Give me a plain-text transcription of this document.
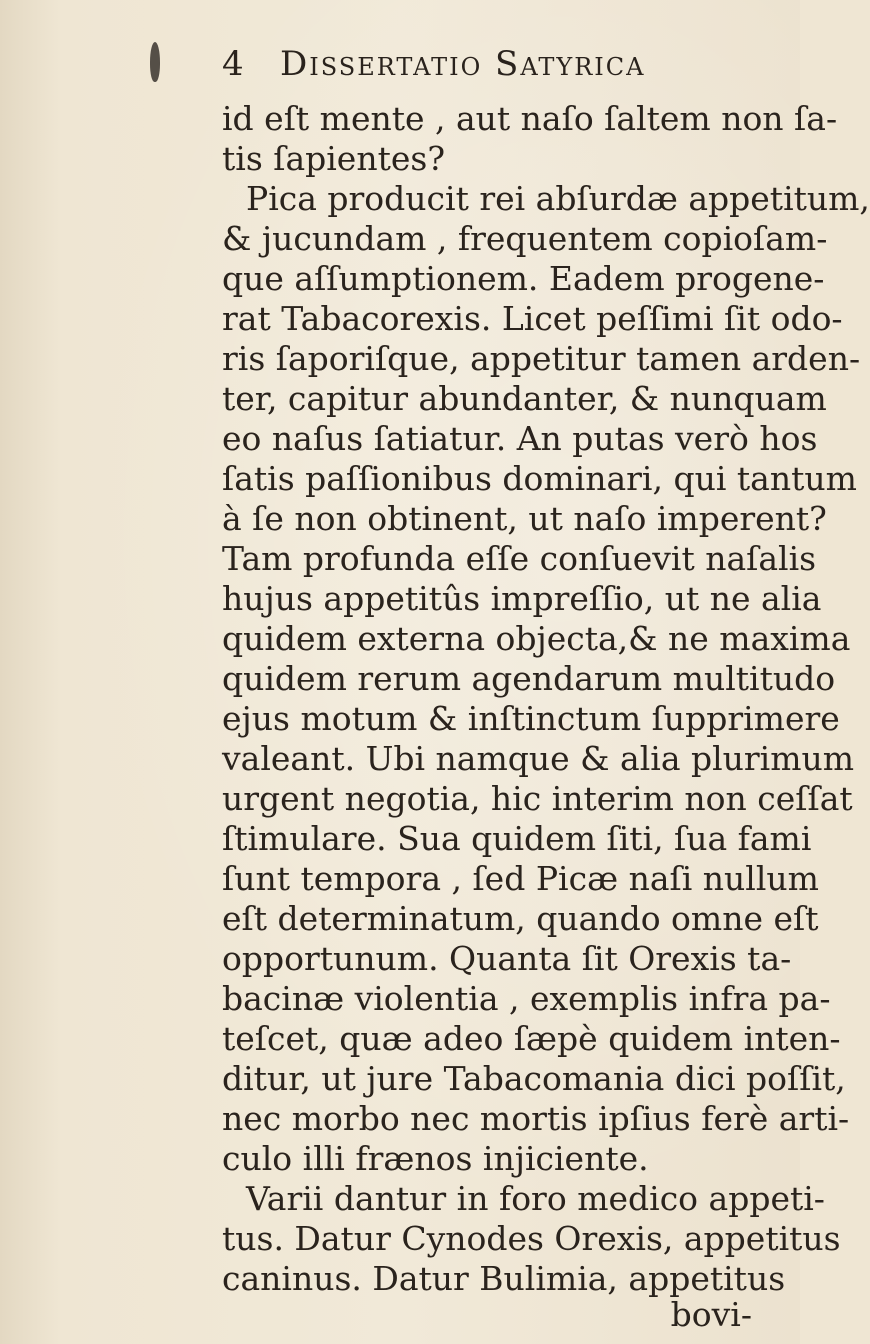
4 Dissertatio Satyrica
id eſt mente , aut naſo ſaltem non ſa-
tis ſapientes?
Pica producit rei abſurdæ appetitum,
& jucundam , frequentem copioſam-
que aſſumptionem. Eadem progene-
rat Tabacorexis. Licet peſſimi ſit odo-
ris ſaporiſque, appetitur tamen arden-
ter, capitur abundanter, & nunquam
eo naſus ſatiatur. An putas verò hos
ſatis paſſionibus dominari, qui tantum
à ſe non obtinent, ut naſo imperent?
Tam profunda eſſe conſuevit naſalis
hujus appetitûs impreſſio, ut ne alia
quidem externa objecta,& ne maxima
quidem rerum agendarum multitudo
ejus motum & inſtinctum ſupprimere
valeant. Ubi namque & alia plurimum
urgent negotia, hic interim non ceſſat
ſtimulare. Sua quidem ſiti, ſua fami
ſunt tempora , ſed Picæ naſi nullum
eſt determinatum, quando omne eſt
opportunum. Quanta ſit Orexis ta-
bacinæ violentia , exemplis infra pa-
teſcet, quæ adeo ſæpè quidem inten-
ditur, ut jure Tabacomania dici poſſit,
nec morbo nec mortis ipſius ferè arti-
culo illi frænos injiciente.
Varii dantur in foro medico appeti-
tus. Datur Cynodes Orexis, appetitus
caninus. Datur Bulimia, appetitus
bovi-
